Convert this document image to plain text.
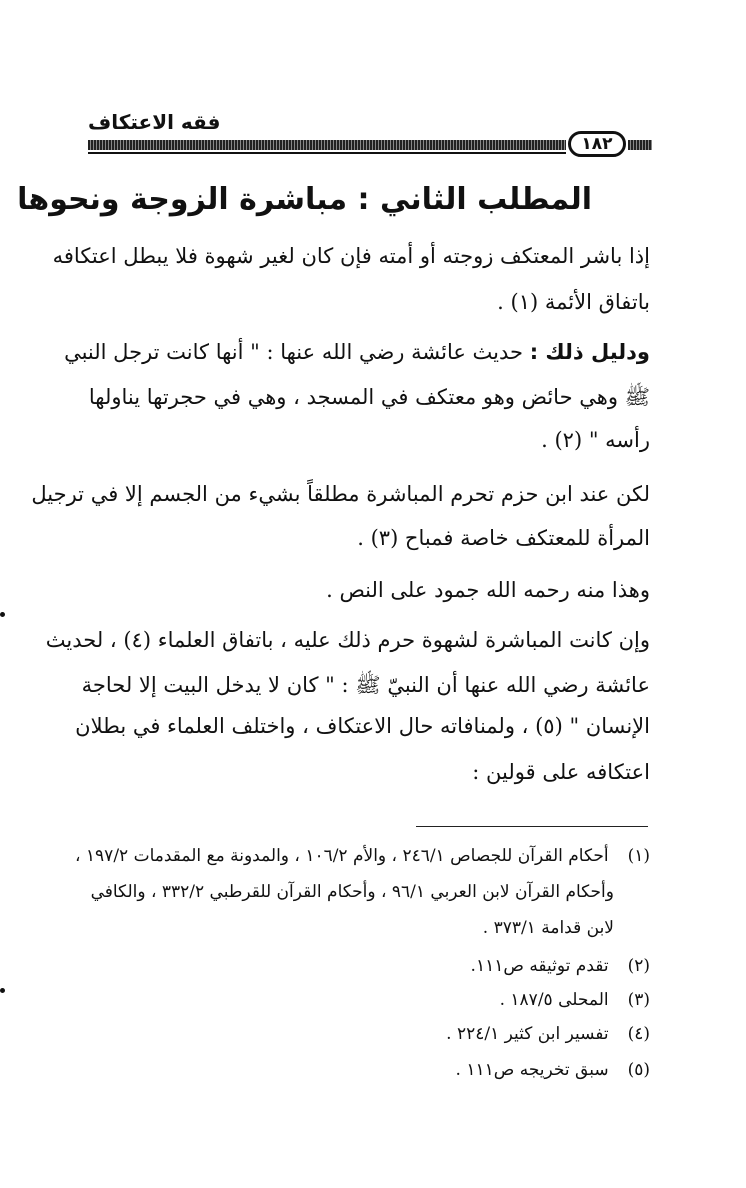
فقه الاعتكاف
١٨٢
المطلب الثاني : مباشرة الزوجة ونحوها
إذا باشر المعتكف زوجته أو أمته فإن كان لغير شهوة فلا يبطل اعتكافه
باتفاق الأئمة (١) .
ودليل ذلك : حديث عائشة رضي الله عنها : " أنها كانت ترجل النبي
ﷺ وهي حائض وهو معتكف في المسجد ، وهي في حجرتها يناولها
رأسه " (٢) .
لكن عند ابن حزم تحرم المباشرة مطلقاً بشيء من الجسم إلا في ترجيل
المرأة للمعتكف خاصة فمباح (٣) .
وهذا منه رحمه الله جمود على النص .
وإن كانت المباشرة لشهوة حرم ذلك عليه ، باتفاق العلماء (٤) ، لحديث
عائشة رضي الله عنها أن النبيّ ﷺ : " كان لا يدخل البيت إلا لحاجة
الإنسان " (٥) ، ولمنافاته حال الاعتكاف ، واختلف العلماء في بطلان
اعتكافه على قولين :
(١) أحكام القرآن للجصاص ٢٤٦/١ ، والأم ١٠٦/٢ ، والمدونة مع المقدمات ١٩٧/٢ ،
وأحكام القرآن لابن العربي ٩٦/١ ، وأحكام القرآن للقرطبي ٣٣٢/٢ ، والكافي
لابن قدامة ٣٧٣/١ .
(٢) تقدم توثيقه ص١١١.
(٣) المحلى ١٨٧/٥ .
(٤) تفسير ابن كثير ٢٢٤/١ .
(٥) سبق تخريجه ص١١١ .
